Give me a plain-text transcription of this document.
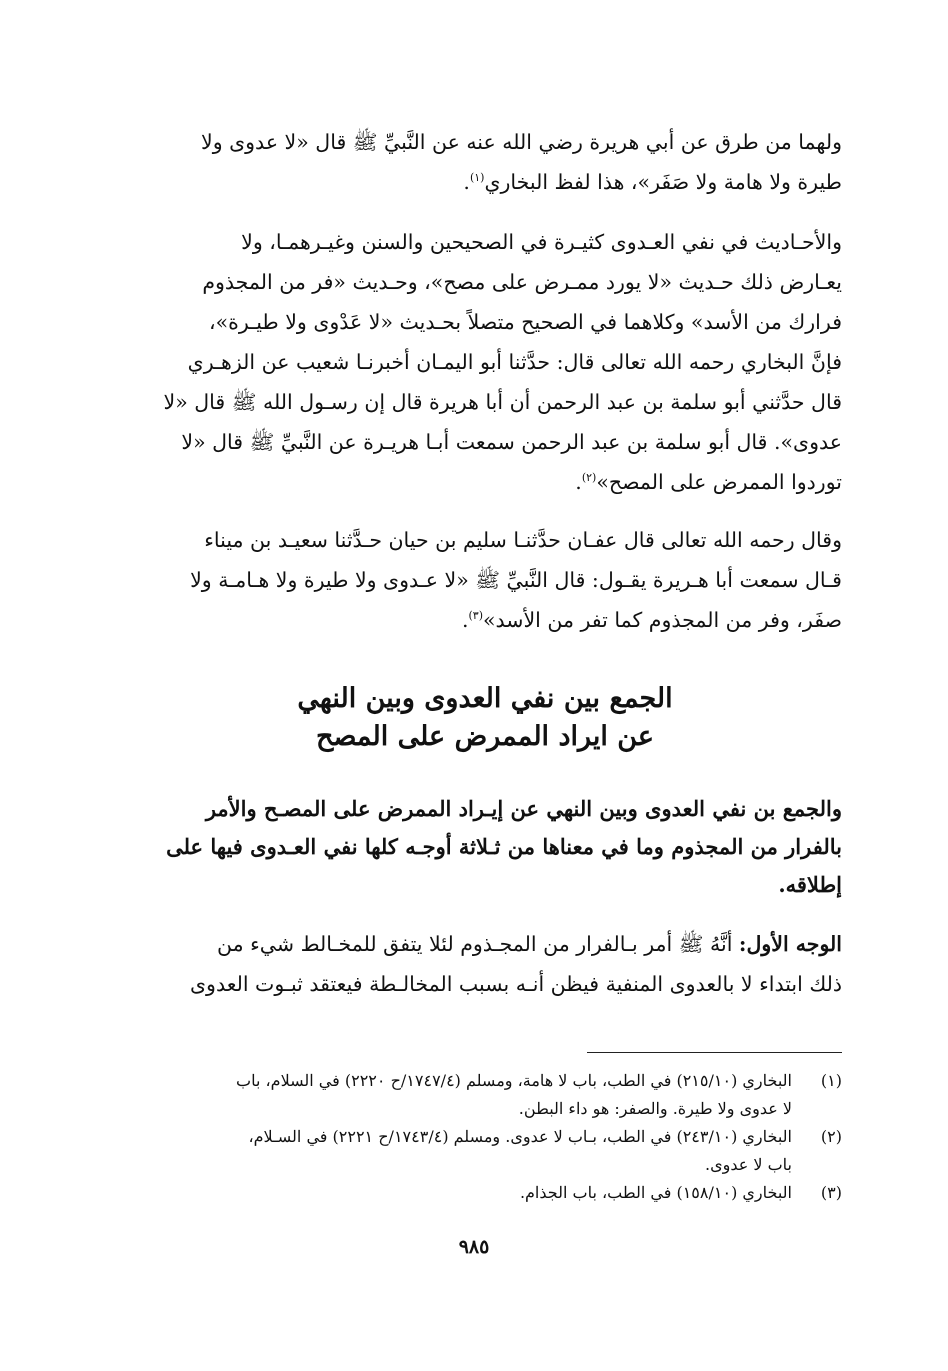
ولهما من طرق عن أبي هريرة رضي الله عنه عن النَّبيِّ ﷺ قال «لا عدوى ولا
طيرة ولا هامة ولا صَفَر»، هذا لفظ البخاري$^{(١)}$.
والأحـاديث في نفي العـدوى كثيـرة في الصحيحين والسنن وغيـرهمـا، ولا
يعـارض ذلك حـديث «لا يورد ممـرض على مصح»، وحـديث «فر من المجذوم
فرارك من الأسد» وكلاهما في الصحيح متصلاً بحـديث «لا عَدْوى ولا طيـرة»،
فإنَّ البخاري رحمه الله تعالى قال: حدَّثنا أبو اليمـان أخبرنـا شعيب عن الزهـري
قال حدَّثني أبو سلمة بن عبد الرحمن أن أبا هريرة قال إن رسـول الله ﷺ قال «لا
عدوى». قال أبو سلمة بن عبد الرحمن سمعت أبـا هريـرة عن النَّبيِّ ﷺ قال «لا
توردوا الممرض على المصح»$^{(٢)}$.
وقال رحمه الله تعالى قال عفـان حدَّثنـا سليم بن حيان حـدَّثنا سعيـد بن ميناء
قـال سمعت أبا هـريرة يقـول: قال النَّبيِّ ﷺ «لا عـدوى ولا طيرة ولا هـامـة ولا
صفَر، وفر من المجذوم كما تفر من الأسد»$^{(٣)}$.
الجمع بين نفي العدوى وبين النهي
عن ايراد الممرض على المصح
والجمع بن نفي العدوى وبين النهي عن إيـراد الممرض على المصـح والأمر
بالفرار من المجذوم وما في معناها من ثـلاثة أوجـه كلها نفي العـدوى فيها على
إطلاقه.
الوجه الأول: أنَّهُ ﷺ أمر بـالفرار من المجـذوم لئلا يتفق للمخـالط شيء من
ذلك ابتداء لا بالعدوى المنفية فيظن أنـه بسبب المخالـطة فيعتقد ثبـوت العدوى
(١)
البخاري (٢١٥/١٠) في الطب، باب لا هامة، ومسلم (١٧٤٧/٤/ح ٢٢٢٠) في السلام، باب
لا عدوى ولا طيرة. والصفر: هو داء البطن.
(٢)
البخاري (٢٤٣/١٠) في الطب، بـاب لا عدوى. ومسلم (١٧٤٣/٤/ح ٢٢٢١) في السـلام،
باب لا عدوى.
(٣)
البخاري (١٥٨/١٠) في الطب، باب الجذام.
٩٨٥
